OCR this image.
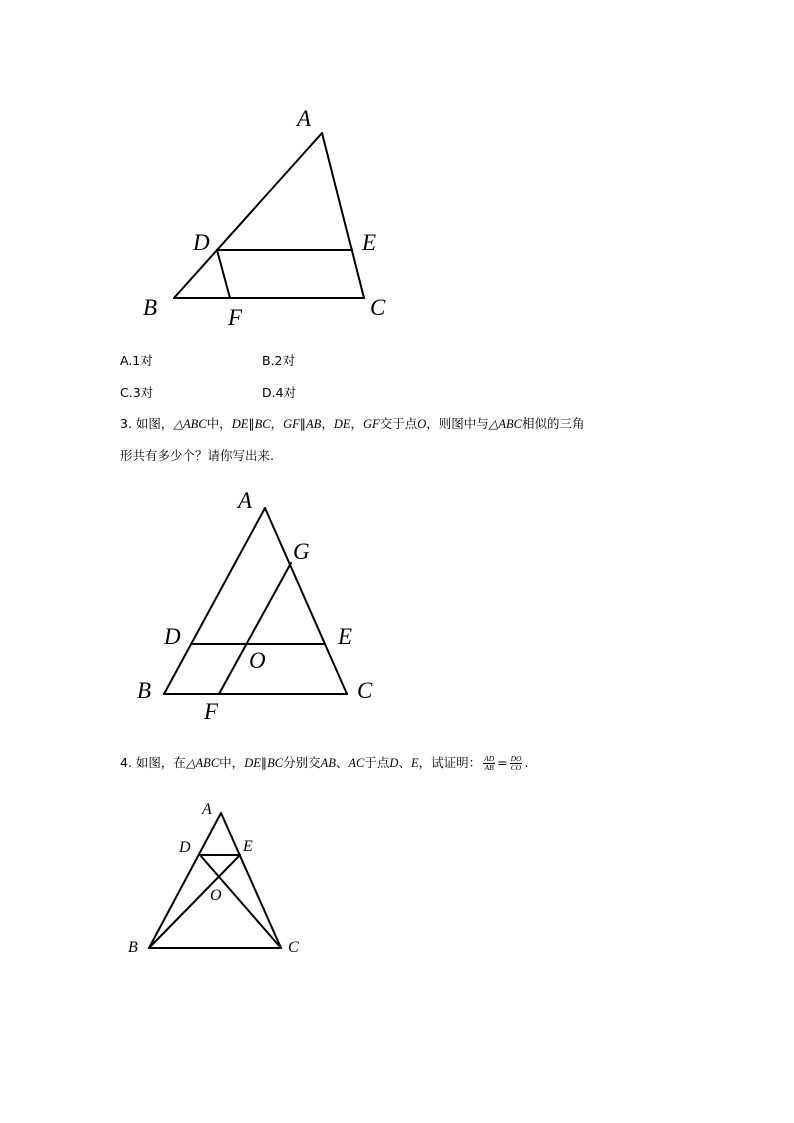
A
D	E
B	F	C
A.1对	B.2对
C.3对	D.4对
3. 如图，△ABC中，DE∥BC，GF∥AB，DE，GF交于点O，则图中与△ABC相似的三角
形共有多少个？请你写出来.
A
G
D	E
O
B
F
C
4. 如图，在△ABC中，DE∥BC分别交AB、AC于点D、E，试证明： $\frac{AD}{AB} = \frac{DO}{CO}$ .
A
D	E
O
B	C
